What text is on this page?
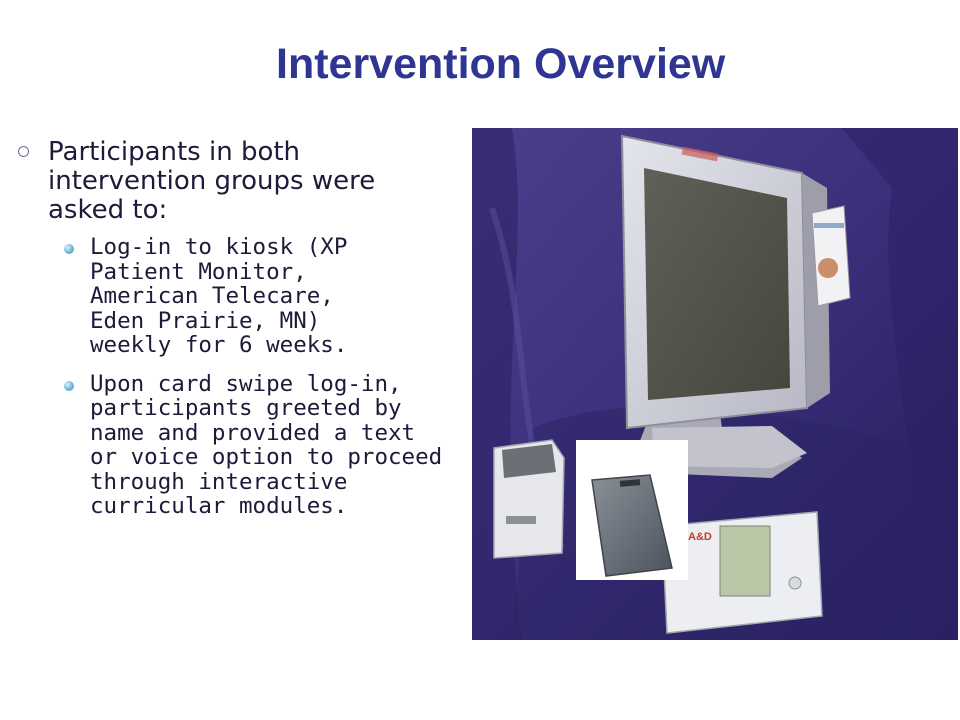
Intervention Overview
Participants in both intervention groups were asked to:
Log-in to kiosk (XP Patient Monitor, American Telecare, Eden Prairie, MN) weekly for 6 weeks.
Upon card swipe log-in, participants greeted by name and provided a text or voice option to proceed through interactive curricular modules.
A&D
